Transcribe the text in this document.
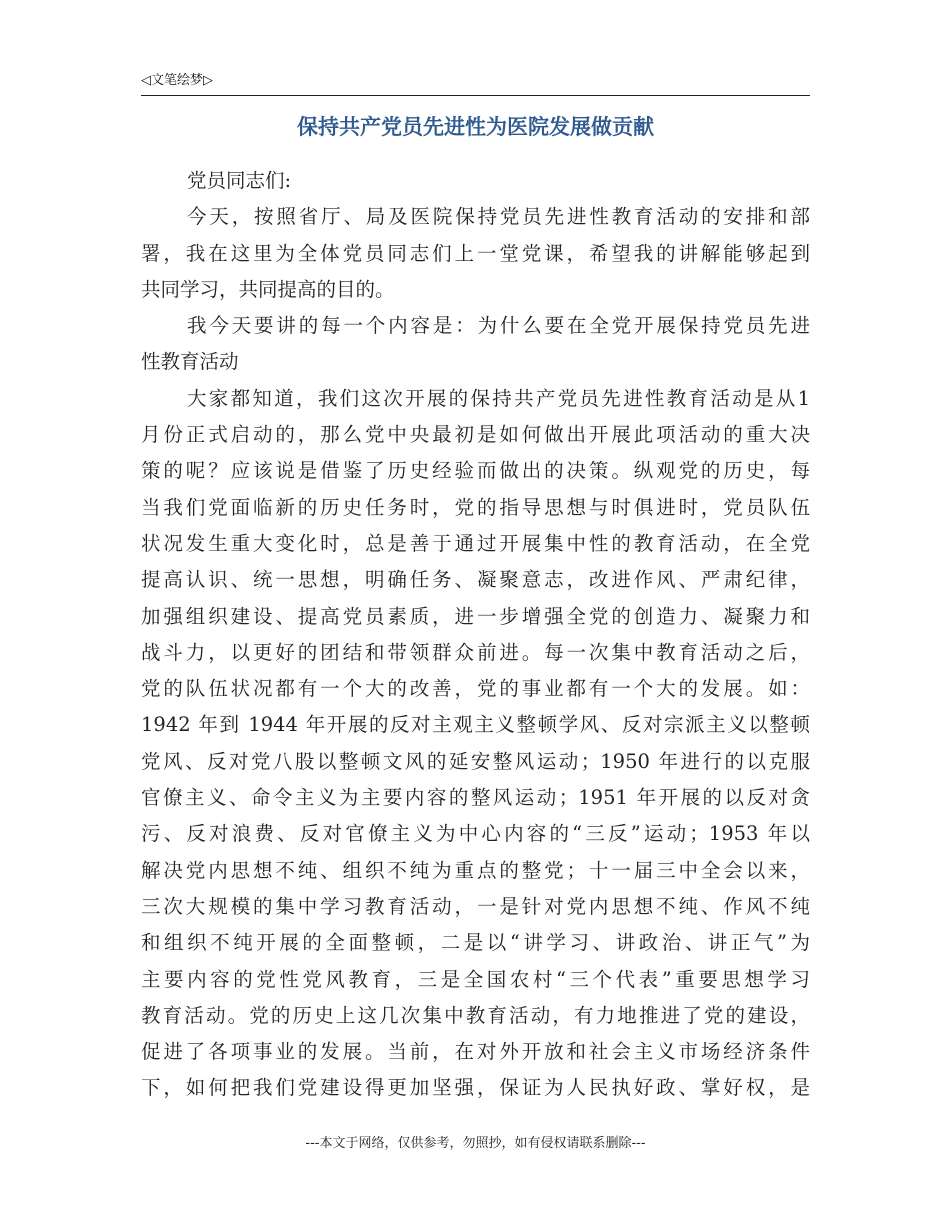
◁文笔绘梦▷
保持共产党员先进性为医院发展做贡献
党员同志们:
今天，按照省厅、局及医院保持党员先进性教育活动的安排和部
署，我在这里为全体党员同志们上一堂党课，希望我的讲解能够起到
共同学习，共同提高的目的。
我今天要讲的每一个内容是：为什么要在全党开展保持党员先进
性教育活动
大家都知道，我们这次开展的保持共产党员先进性教育活动是从1
月份正式启动的，那么党中央最初是如何做出开展此项活动的重大决
策的呢？应该说是借鉴了历史经验而做出的决策。纵观党的历史，每
当我们党面临新的历史任务时，党的指导思想与时俱进时，党员队伍
状况发生重大变化时，总是善于通过开展集中性的教育活动，在全党
提高认识、统一思想，明确任务、凝聚意志，改进作风、严肃纪律，
加强组织建设、提高党员素质，进一步增强全党的创造力、凝聚力和
战斗力，以更好的团结和带领群众前进。每一次集中教育活动之后，
党的队伍状况都有一个大的改善，党的事业都有一个大的发展。如：
1942 年到 1944 年开展的反对主观主义整顿学风、反对宗派主义以整顿
党风、反对党八股以整顿文风的延安整风运动；1950 年进行的以克服
官僚主义、命令主义为主要内容的整风运动；1951 年开展的以反对贪
污、反对浪费、反对官僚主义为中心内容的“三反”运动；1953 年以
解决党内思想不纯、组织不纯为重点的整党；十一届三中全会以来，
三次大规模的集中学习教育活动，一是针对党内思想不纯、作风不纯
和组织不纯开展的全面整顿，二是以“讲学习、讲政治、讲正气”为
主要内容的党性党风教育，三是全国农村“三个代表”重要思想学习
教育活动。党的历史上这几次集中教育活动，有力地推进了党的建设，
促进了各项事业的发展。当前，在对外开放和社会主义市场经济条件
下，如何把我们党建设得更加坚强，保证为人民执好政、掌好权，是
---本文于网络，仅供参考，勿照抄，如有侵权请联系删除---
